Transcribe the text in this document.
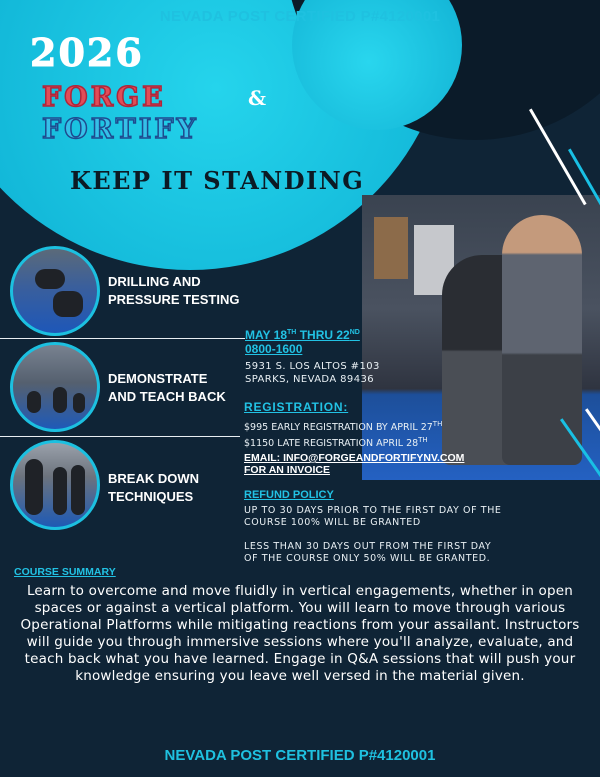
NEVADA POST CERTIFIED P#4120001
2026
FORGE	&
FORTIFY
KEEP IT STANDING
DRILLING AND
PRESSURE TESTING
DEMONSTRATE
AND TEACH BACK
BREAK DOWN
TECHNIQUES
MAY 18TH THRU 22ND
0800-1600
5931 S. LOS ALTOS #103
SPARKS, NEVADA 89436
REGISTRATION:
$995 EARLY REGISTRATION BY APRIL 27TH
$1150 LATE REGISTRATION APRIL 28TH
EMAIL: INFO@FORGEANDFORTIFYNV.COM
FOR AN INVOICE
REFUND POLICY
UP TO 30 DAYS PRIOR TO THE FIRST DAY OF THE COURSE 100% WILL BE GRANTED
LESS THAN 30 DAYS OUT FROM THE FIRST DAY OF THE COURSE ONLY 50% WILL BE GRANTED.
COURSE SUMMARY
Learn to overcome and move fluidly in vertical engagements, whether in open spaces or against a vertical platform. You will learn to move through various Operational Platforms while mitigating reactions from your assailant. Instructors will guide you through immersive sessions where you'll analyze, evaluate, and teach back what you have learned. Engage in Q&A sessions that will push your knowledge ensuring you leave well versed in the material given.
NEVADA POST CERTIFIED P#4120001
